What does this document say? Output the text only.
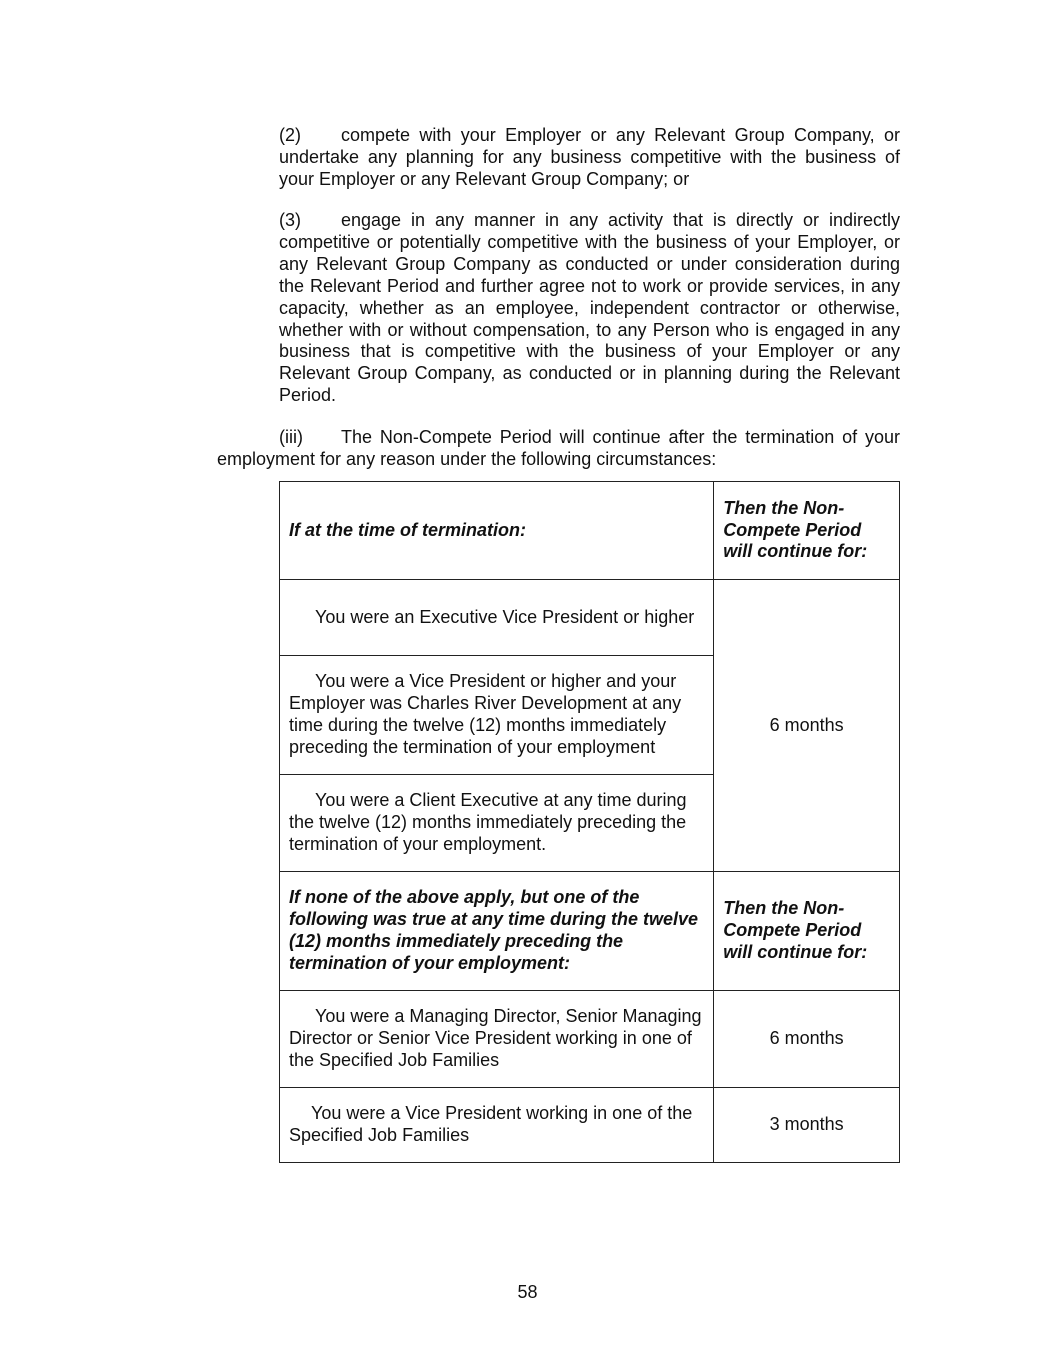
(2) compete with your Employer or any Relevant Group Company, or undertake any planning for any business competitive with the business of your Employer or any Relevant Group Company; or

(3) engage in any manner in any activity that is directly or indirectly competitive or potentially competitive with the business of your Employer, or any Relevant Group Company as conducted or under consideration during the Relevant Period and further agree not to work or provide services, in any capacity, whether as an employee, independent contractor or otherwise, whether with or without compensation, to any Person who is engaged in any business that is competitive with the business of your Employer or any Relevant Group Company, as conducted or in planning during the Relevant Period.

(iii) The Non-Compete Period will continue after the termination of your employment for any reason under the following circumstances:

If at the time of termination:	Then the Non-Compete Period will continue for:
You were an Executive Vice President or higher	6 months
You were a Vice President or higher and your Employer was Charles River Development at any time during the twelve (12) months immediately preceding the termination of your employment	
You were a Client Executive at any time during the twelve (12) months immediately preceding the termination of your employment.	
If none of the above apply, but one of the following was true at any time during the twelve (12) months immediately preceding the termination of your employment:	Then the Non-Compete Period will continue for:
You were a Managing Director, Senior Managing Director or Senior Vice President working in one of the Specified Job Families	6 months
You were a Vice President working in one of the Specified Job Families	3 months
58
